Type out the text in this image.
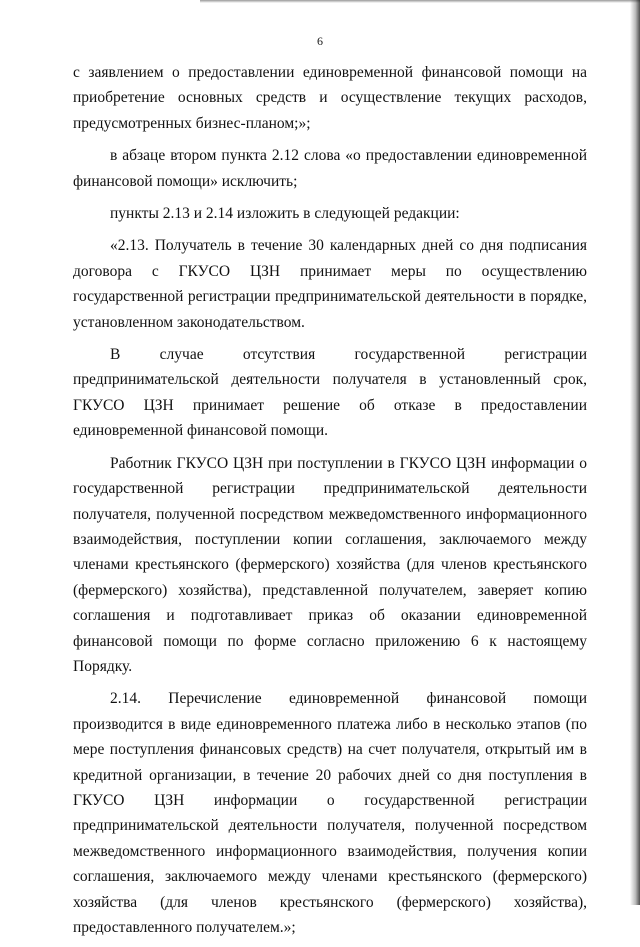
6

с заявлением о предоставлении единовременной финансовой помощи на приобретение основных средств и осуществление текущих расходов, предусмотренных бизнес-планом;»;

в абзаце втором пункта 2.12 слова «о предоставлении единовременной финансовой помощи» исключить;

пункты 2.13 и 2.14 изложить в следующей редакции:

«2.13. Получатель в течение 30 календарных дней со дня подписания договора с ГКУСО ЦЗН принимает меры по осуществлению государственной регистрации предпринимательской деятельности в порядке, установленном законодательством.

В случае отсутствия государственной регистрации предпринимательской деятельности получателя в установленный срок, ГКУСО ЦЗН принимает решение об отказе в предоставлении единовременной финансовой помощи.

Работник ГКУСО ЦЗН при поступлении в ГКУСО ЦЗН информации о государственной регистрации предпринимательской деятельности получателя, полученной посредством межведомственного информационного взаимодействия, поступлении копии соглашения, заключаемого между членами крестьянского (фермерского) хозяйства (для членов крестьянского (фермерского) хозяйства), представленной получателем, заверяет копию соглашения и подготавливает приказ об оказании единовременной финансовой помощи по форме согласно приложению 6 к настоящему Порядку.

2.14. Перечисление единовременной финансовой помощи производится в виде единовременного платежа либо в несколько этапов (по мере поступления финансовых средств) на счет получателя, открытый им в кредитной организации, в течение 20 рабочих дней со дня поступления в ГКУСО ЦЗН информации о государственной регистрации предпринимательской деятельности получателя, полученной посредством межведомственного информационного взаимодействия, получения копии соглашения, заключаемого между членами крестьянского (фермерского) хозяйства (для членов крестьянского (фермерского) хозяйства), предоставленного получателем.»;
